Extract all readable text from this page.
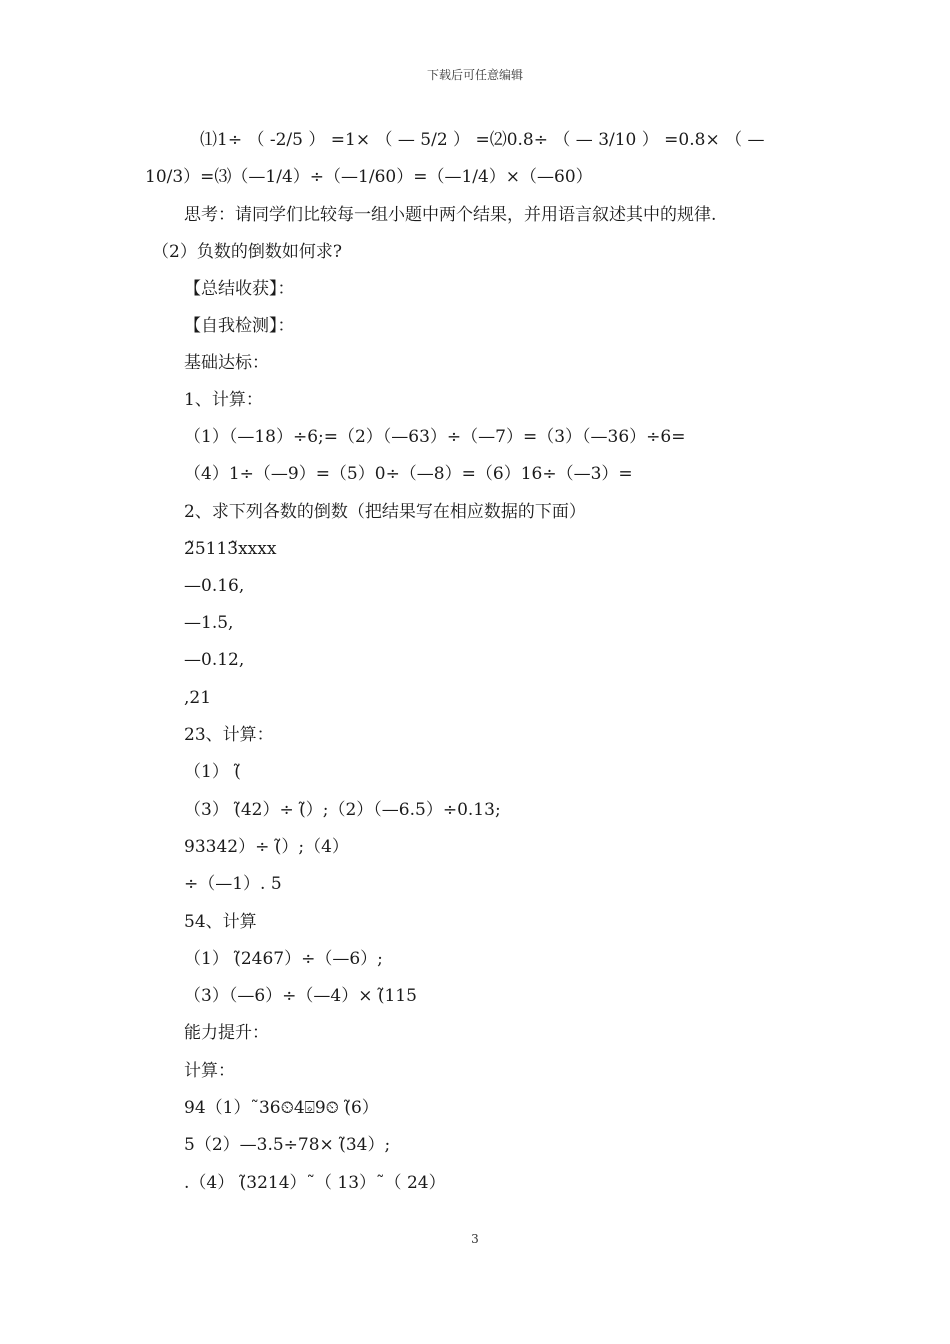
下载后可任意编辑
⑴1÷ （ -2/5 ） =1× （ — 5/2 ） =⑵0.8÷ （ — 3/10 ） =0.8× （ —
10/3）=⑶（—1/4）÷（—1/60）=（—1/4）×（—60）
思考：请同学们比较每一组小题中两个结果，并用语言叙述其中的规律.
（2）负数的倒数如何求?
【总结收获】：
【自我检测】：
基础达标：
1、计算：
（1）（—18）÷6;=（2）（—63）÷（—7）=（3）（—36）÷6=
（4）1÷（—9）=（5）0÷（—8）=（6）16÷（—3）=
2、求下列各数的倒数（把结果写在相应数据的下面）
2̃5113̃xxxx
—0.16,
—1.5,
—0.12,
,21
23、计算：
（1） (̃
（3） (̃42）÷ (̃）;（2）（—6.5）÷0.13;
93342）÷ (̃）;（4）
÷（—1）. 5
54、计算
（1） (̃2467）÷（—6）;
（3）（—6）÷（—4）× (̃115
能力提升：
计算：
94（1）˜36⏲4⌺9⏲ (̃6）
5（2）—3.5÷78× (̃34）;
.（4） (̃3214）˜（ 13）˜（ 24）
3
